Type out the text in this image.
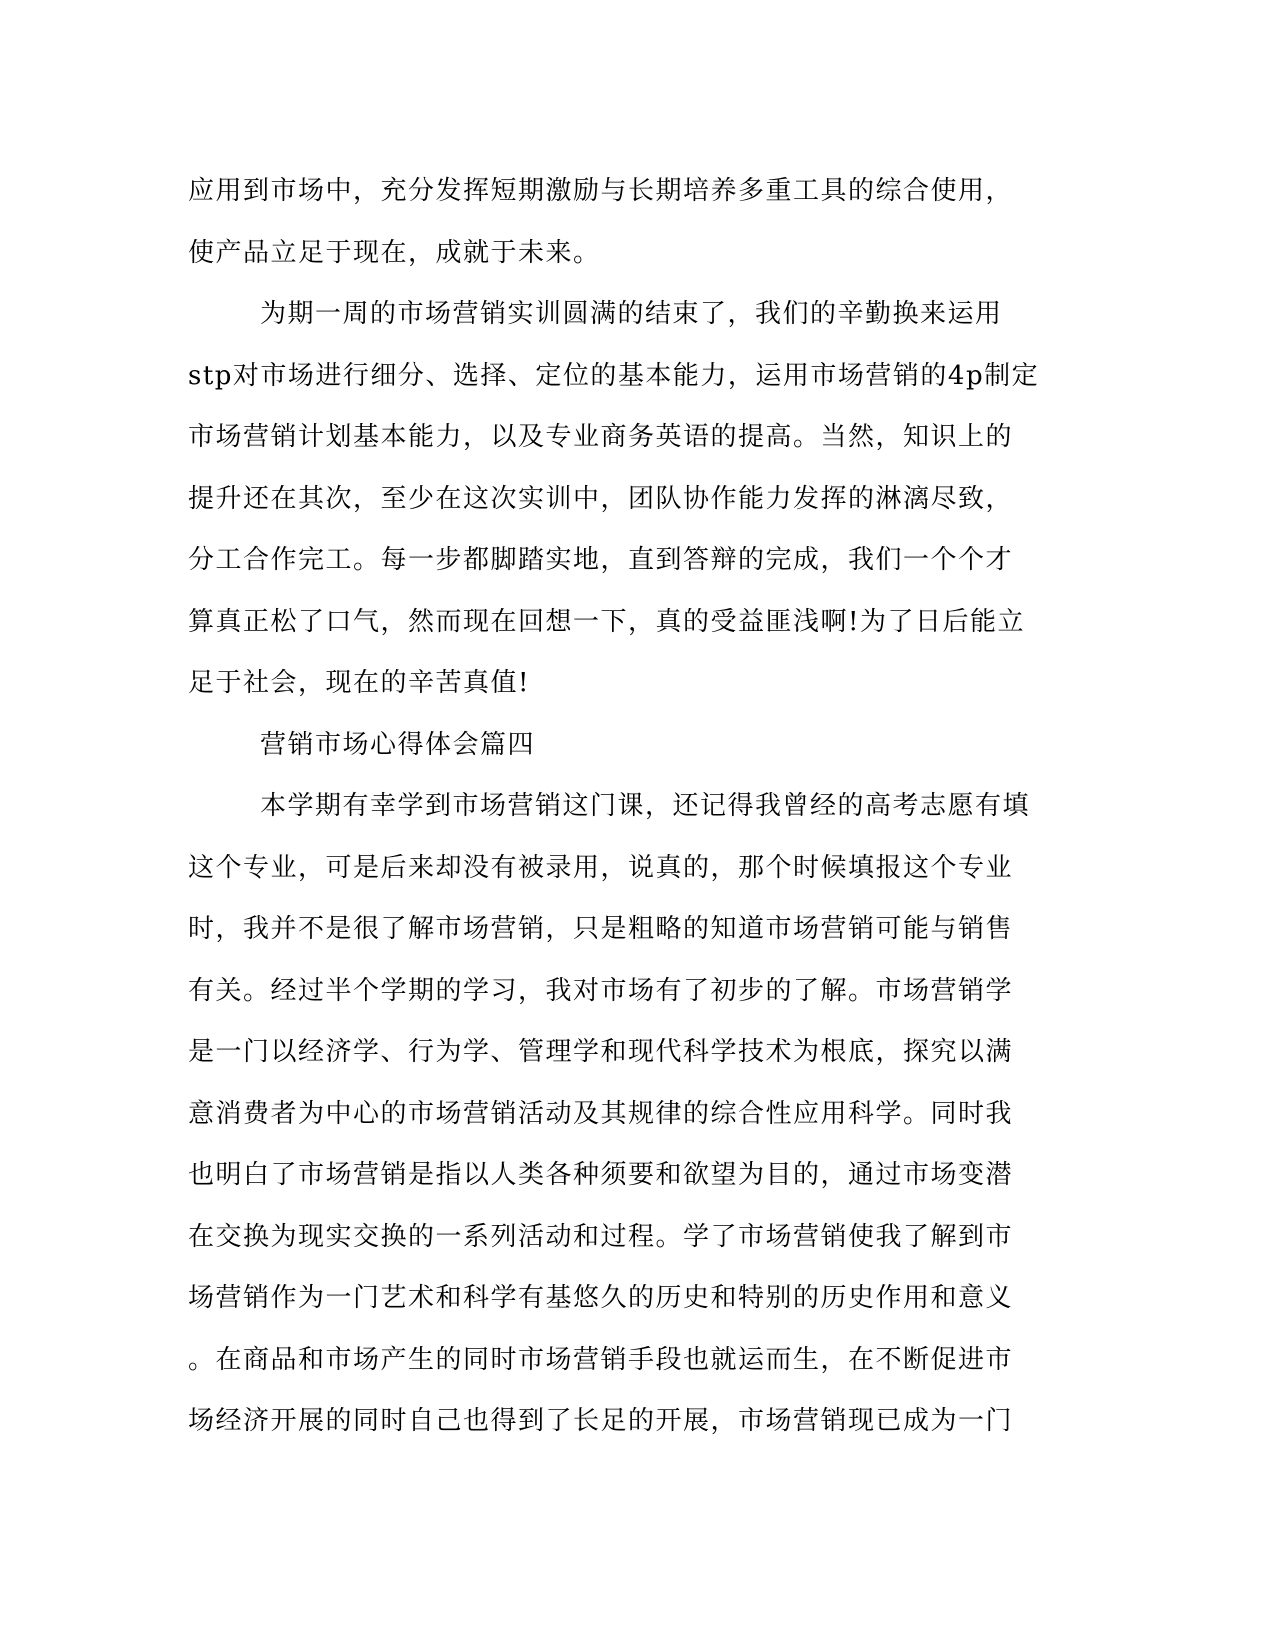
应用到市场中，充分发挥短期激励与长期培养多重工具的综合使用，
使产品立足于现在，成就于未来。
为期一周的市场营销实训圆满的结束了，我们的辛勤换来运用
stp对市场进行细分、选择、定位的基本能力，运用市场营销的4p制定
市场营销计划基本能力，以及专业商务英语的提高。当然，知识上的
提升还在其次，至少在这次实训中，团队协作能力发挥的淋漓尽致，
分工合作完工。每一步都脚踏实地，直到答辩的完成，我们一个个才
算真正松了口气，然而现在回想一下，真的受益匪浅啊!为了日后能立
足于社会，现在的辛苦真值!
营销市场心得体会篇四
本学期有幸学到市场营销这门课，还记得我曾经的高考志愿有填
这个专业，可是后来却没有被录用，说真的，那个时候填报这个专业
时，我并不是很了解市场营销，只是粗略的知道市场营销可能与销售
有关。经过半个学期的学习，我对市场有了初步的了解。市场营销学
是一门以经济学、行为学、管理学和现代科学技术为根底，探究以满
意消费者为中心的市场营销活动及其规律的综合性应用科学。同时我
也明白了市场营销是指以人类各种须要和欲望为目的，通过市场变潜
在交换为现实交换的一系列活动和过程。学了市场营销使我了解到市
场营销作为一门艺术和科学有基悠久的历史和特别的历史作用和意义
。在商品和市场产生的同时市场营销手段也就运而生，在不断促进市
场经济开展的同时自己也得到了长足的开展，市场营销现已成为一门
